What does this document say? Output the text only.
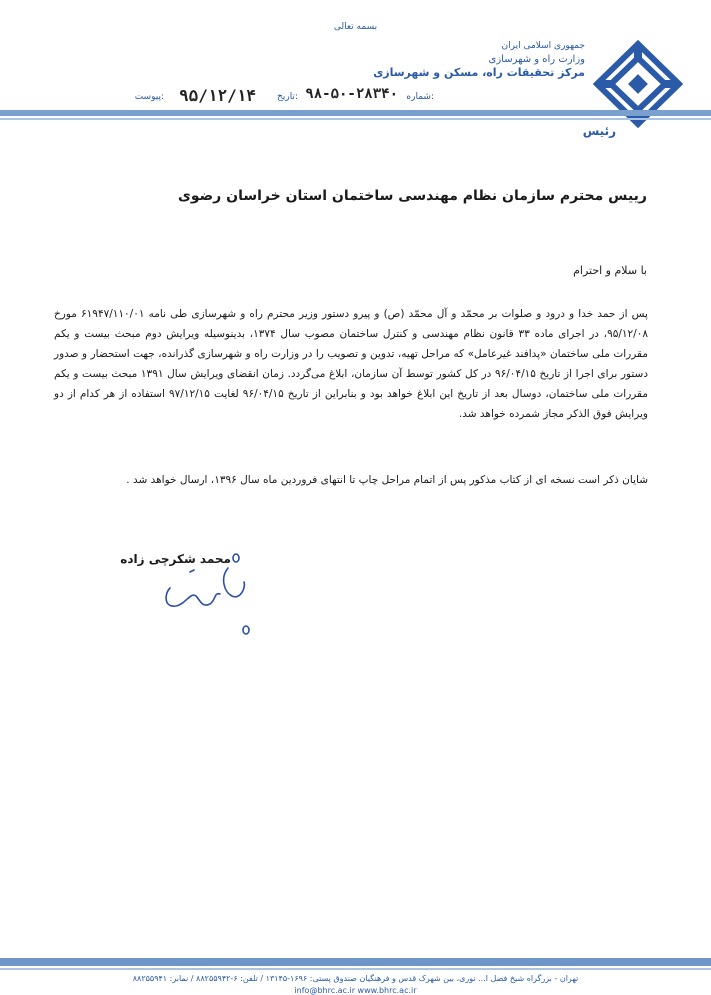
بسمه تعالی
جمهوری اسلامی ایران
وزارت راه و شهرسازی
مرکز تحقیقات راه، مسکن و شهرسازی
شماره:
۹۸-۵۰-۲۸۳۴۰
تاریخ:
۹۵/۱۲/۱۴
پیوست:
رئیس
رییس محترم سازمان نظام مهندسی ساختمان استان خراسان رضوی
با سلام و احترام
پس از حمد خدا و درود و صلوات بر محمّد و آل محمّد (ص) و پیرو دستور وزیر محترم راه و شهرسازی طی نامه ۶۱۹۴۷/۱۱۰/۰۱ مورخ ۹۵/۱۲/۰۸، در اجرای ماده ۳۳ قانون نظام مهندسی و کنترل ساختمان مصوب سال ۱۳۷۴، بدینوسیله ویرایش دوم مبحث بیست و یکم مقررات ملی ساختمان «پدافند غیرعامل» که مراحل تهیه، تدوین و تصویب را در وزارت راه و شهرسازی گذرانده، جهت استحضار و صدور دستور برای اجرا از تاریخ ۹۶/۰۴/۱۵ در کل کشور توسط آن سازمان، ابلاغ می‌گردد. زمان انقضای ویرایش سال ۱۳۹۱ مبحث بیست و یکم مقررات ملی ساختمان، دوسال بعد از تاریخ این ابلاغ خواهد بود و بنابراین از تاریخ ۹۶/۰۴/۱۵ لغایت ۹۷/۱۲/۱۵ استفاده از هر کدام از دو ویرایش فوق الذکر مجاز شمرده خواهد شد.
شایان ذکر است نسخه ای از کتاب مذکور پس از اتمام مراحل چاپ تا انتهای فروردین ماه سال ۱۳۹۶، ارسال خواهد شد .
محمد شکرچی زاده
تهران - بزرگراه شیخ فضل ا... نوری، بین شهرک قدس و فرهنگیان صندوق پستی: ۱۶۹۶-۱۳۱۴۵ / تلفن: ۶-۸۸۲۵۵۹۴۲ / نمابر: ۸۸۲۵۵۹۴۱
info@bhrc.ac.ir www.bhrc.ac.ir
